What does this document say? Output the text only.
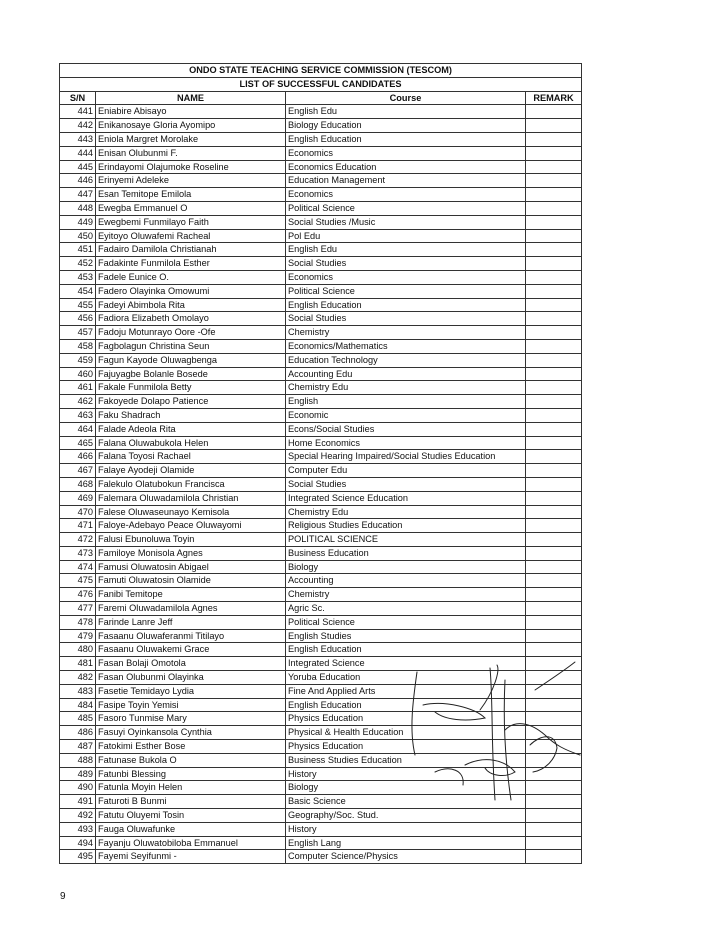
ONDO STATE TEACHING SERVICE COMMISSION (TESCOM)			
LIST OF SUCCESSFUL CANDIDATES			
S/N	NAME	Course	REMARK
441	Eniabire Abisayo	English Edu	
442	Enikanosaye Gloria Ayomipo	Biology Education	
443	Eniola Margret Morolake	English Education	
444	Enisan Olubunmi F.	Economics	
445	Erindayomi Olajumoke Roseline	Economics Education	
446	Erinyemi Adeleke	Education Management	
447	Esan Temitope Emilola	Economics	
448	Ewegba Emmanuel O	Political Science	
449	Ewegbemi Funmilayo Faith	Social Studies /Music	
450	Eyitoyo Oluwafemi Racheal	Pol Edu	
451	Fadairo Damilola Christianah	English Edu	
452	Fadakinte Funmilola Esther	Social Studies	
453	Fadele Eunice O.	Economics	
454	Fadero Olayinka Omowumi	Political Science	
455	Fadeyi Abimbola Rita	English Education	
456	Fadiora Elizabeth Omolayo	Social Studies	
457	Fadoju Motunrayo Oore -Ofe	Chemistry	
458	Fagbolagun Christina Seun	Economics/Mathematics	
459	Fagun Kayode Oluwagbenga	Education Technology	
460	Fajuyagbe Bolanle Bosede	Accounting Edu	
461	Fakale Funmilola Betty	Chemistry Edu	
462	Fakoyede Dolapo Patience	English	
463	Faku Shadrach	Economic	
464	Falade Adeola Rita	Econs/Social Studies	
465	Falana Oluwabukola Helen	Home Economics	
466	Falana Toyosi Rachael	Special Hearing Impaired/Social Studies Education	
467	Falaye Ayodeji Olamide	Computer Edu	
468	Falekulo Olatubokun Francisca	Social Studies	
469	Falemara Oluwadamilola Christian	Integrated Science Education	
470	Falese Oluwaseunayo Kemisola	Chemistry Edu	
471	Faloye-Adebayo Peace Oluwayomi	Religious Studies Education	
472	Falusi Ebunoluwa Toyin	POLITICAL SCIENCE	
473	Familoye Monisola Agnes	Business Education	
474	Famusi Oluwatosin Abigael	Biology	
475	Famuti Oluwatosin Olamide	Accounting	
476	Fanibi Temitope	Chemistry	
477	Faremi Oluwadamilola Agnes	Agric Sc.	
478	Farinde Lanre Jeff	Political Science	
479	Fasaanu Oluwaferanmi Titilayo	English Studies	
480	Fasaanu Oluwakemi Grace	English Education	
481	Fasan Bolaji Omotola	Integrated Science	
482	Fasan Olubunmi Olayinka	Yoruba Education	
483	Fasetie Temidayo Lydia	Fine And Applied Arts	
484	Fasipe Toyin Yemisi	English Education	
485	Fasoro Tunmise Mary	Physics Education	
486	Fasuyi Oyinkansola Cynthia	Physical & Health Education	
487	Fatokimi Esther Bose	Physics Education	
488	Fatunase Bukola O	Business Studies Education	
489	Fatunbi Blessing	History	
490	Fatunla Moyin Helen	Biology	
491	Faturoti B Bunmi	Basic Science	
492	Fatutu Oluyemi Tosin	Geography/Soc. Stud.	
493	Fauga Oluwafunke	History	
494	Fayanju Oluwatobiloba Emmanuel	English Lang	
495	Fayemi Seyifunmi -	Computer Science/Physics	
9
